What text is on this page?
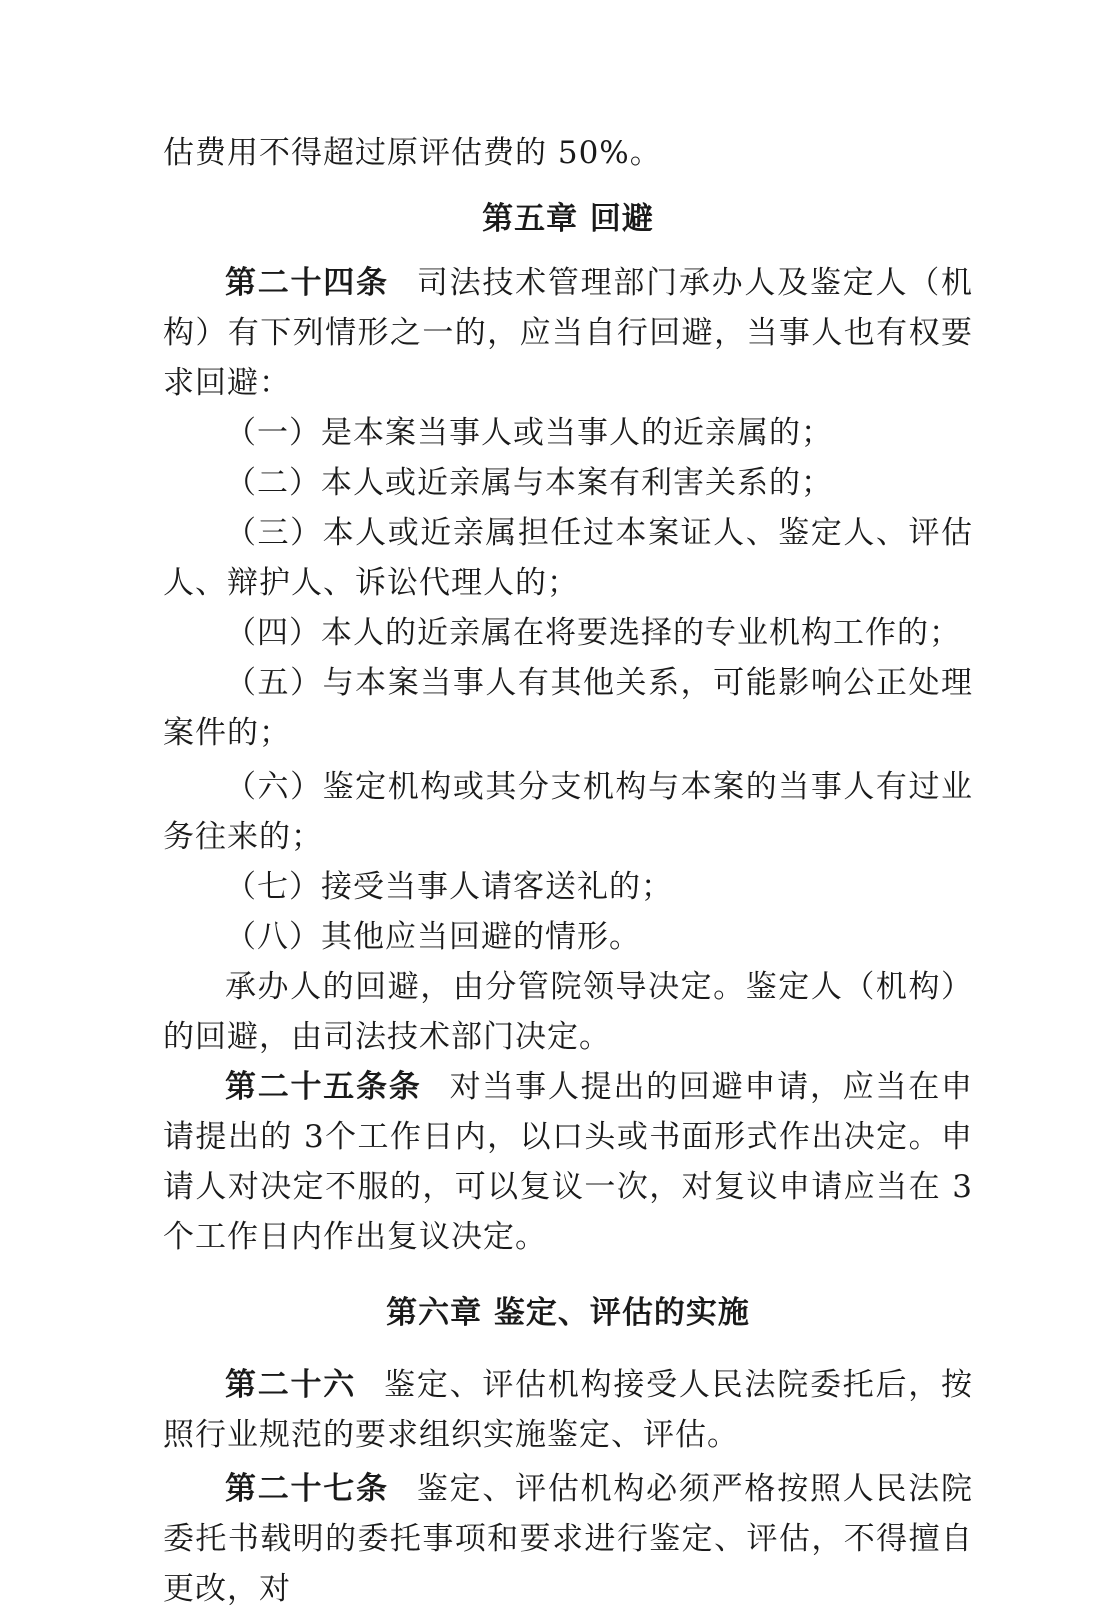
估费用不得超过原评估费的 50%。

第五章 回避

第二十四条 司法技术管理部门承办人及鉴定人（机构）有下列情形之一的，应当自行回避，当事人也有权要求回避：

（一）是本案当事人或当事人的近亲属的；

（二）本人或近亲属与本案有利害关系的；

（三）本人或近亲属担任过本案证人、鉴定人、评估人、辩护人、诉讼代理人的；

（四）本人的近亲属在将要选择的专业机构工作的；

（五）与本案当事人有其他关系，可能影响公正处理案件的；

（六）鉴定机构或其分支机构与本案的当事人有过业务往来的；

（七）接受当事人请客送礼的；

（八）其他应当回避的情形。

承办人的回避，由分管院领导决定。鉴定人（机构）的回避，由司法技术部门决定。

第二十五条条 对当事人提出的回避申请，应当在申请提出的 3个工作日内，以口头或书面形式作出决定。申请人对决定不服的，可以复议一次，对复议申请应当在 3 个工作日内作出复议决定。

第六章 鉴定、评估的实施

第二十六 鉴定、评估机构接受人民法院委托后，按照行业规范的要求组织实施鉴定、评估。

第二十七条 鉴定、评估机构必须严格按照人民法院委托书载明的委托事项和要求进行鉴定、评估，不得擅自更改，对
